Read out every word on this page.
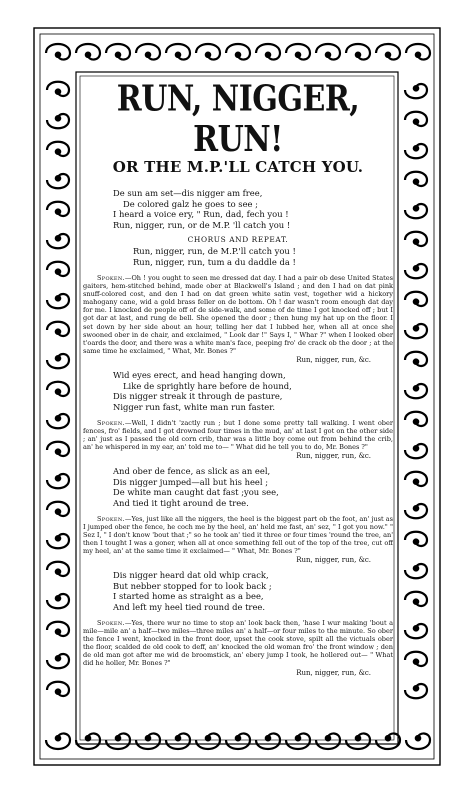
RUN, NIGGER, RUN!
OR THE M.P.'LL CATCH YOU.
De sun am set—dis nigger am free,
De colored galz he goes to see ;
I heard a voice ery, " Run, dad, fech you !
Run, nigger, run, or de M.P. 'll catch you !
CHORUS AND REPEAT.
Run, nigger, run, de M.P.'ll catch you !
Run, nigger, run, tum a du daddle da !

Spoken.—Oh ! you ought to seen me dressed dat day. I had a pair ob dese United States gaiters, hem-stitched behind, made ober at Blackwell's Island ; and den I had on dat pink snuff-colored cost, and den I had on dat green white satin vest, together wid a hickory mahogany cane, wid a gold brass feller on de bottom. Oh ! dar wasn't room enough dat day for me. I knocked de people off of de side-walk, and some of de time I got knocked off ; but I got dar at last, and rung de bell. She opened the door ; then hung my hat up on the floor. I set down by her side about an hour, telling her dat I lubbed her, when all at once she swooned ober in de chair, and exclaimed, " Look dar !" Says I, " Whar ?" when I looked ober t'oards the door, and there was a white man's face, peeping fro' de crack ob the door ; at the same time he exclaimed, " What, Mr. Bones ?"

Run, nigger, run, &c.
Wid eyes erect, and head hanging down,
Like de sprightly hare before de hound,
Dis nigger streak it through de pasture,
Nigger run fast, white man run faster.

Spoken.—Well, I didn't 'zactly run ; but I done some pretty tall walking. I went ober fences, fro' fields, and I got drowned four times in the mud, an' at last I got on the other side ; an' just as I passed the old corn crib, thar was a little boy come out from behind the crib, an' he whispered in my ear, an' told me to— " What did he tell you to do, Mr. Bones ?"

Run, nigger, run, &c.
And ober de fence, as slick as an eel,
Dis nigger jumped—all but his heel ;
De white man caught dat fast ;you see,
And tied it tight around de tree.

Spoken.—Yes, just like all the niggers, the heel is the biggest part ob the foot, an' just as I jumped ober the fence, he coch me by the heel, an' held me fast, an' sez, " I got you now." " Sez I, " I don't know 'bout that ;" so he took an' tied it three or four times 'round the tree, an' then I tought I was a goner, when all at once something fell out of the top of the tree, cut off my heel, an' at the same time it exclaimed— " What, Mr. Bones ?"

Run, nigger, run, &c.
Dis nigger heard dat old whip crack,
But nebber stopped for to look back ;
I started home as straight as a bee,
And left my heel tied round de tree.

Spoken.—Yes, there wur no time to stop an' look back then, 'hase I wur making 'bout a mile—mile an' a half—two miles—three miles an' a half—or four miles to the minute. So ober the fence I went, knocked in the front door, upset the cook stove, spilt all the victuals ober the floor, scalded de old cook to deff, an' knocked the old woman fro' the front window ; den de old man got after me wid de broomstick, an' ebery jump I took, he hollered out— " What did he holler, Mr. Bones ?"

Run, nigger, run, &c.
